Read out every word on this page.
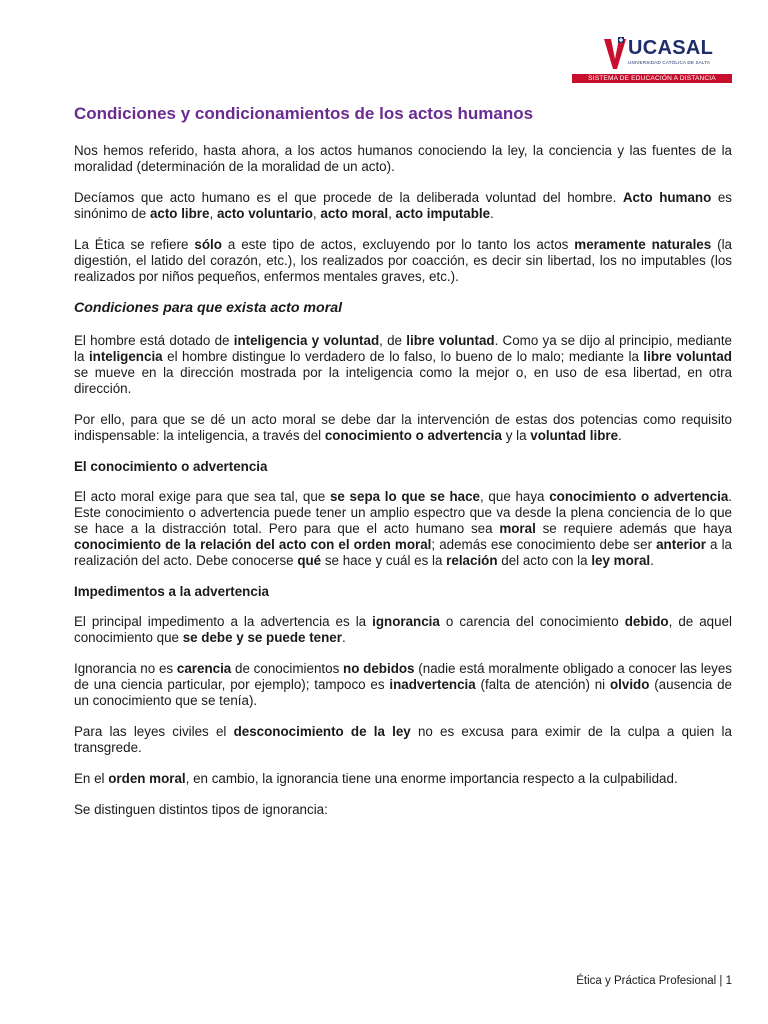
UCASAL
UNIVERSIDAD CATÓLICA DE SALTA
SISTEMA DE EDUCACIÓN A DISTANCIA
Condiciones y condicionamientos de los actos humanos

Nos hemos referido, hasta ahora, a los actos humanos conociendo la ley, la conciencia y las fuentes de la moralidad (determinación de la moralidad de un acto).

Decíamos que acto humano es el que procede de la deliberada voluntad del hombre. Acto humano es sinónimo de acto libre, acto voluntario, acto moral, acto imputable.

La Ética se refiere sólo a este tipo de actos, excluyendo por lo tanto los actos meramente naturales (la digestión, el latido del corazón, etc.), los realizados por coacción, es decir sin libertad, los no imputables (los realizados por niños pequeños, enfermos mentales graves, etc.).

Condiciones para que exista acto moral

El hombre está dotado de inteligencia y voluntad, de libre voluntad. Como ya se dijo al principio, mediante la inteligencia el hombre distingue lo verdadero de lo falso, lo bueno de lo malo; mediante la libre voluntad se mueve en la dirección mostrada por la inteligencia como la mejor o, en uso de esa libertad, en otra dirección.

Por ello, para que se dé un acto moral se debe dar la intervención de estas dos potencias como requisito indispensable: la inteligencia, a través del conocimiento o advertencia y la voluntad libre.

El conocimiento o advertencia

El acto moral exige para que sea tal, que se sepa lo que se hace, que haya conocimiento o advertencia. Este conocimiento o advertencia puede tener un amplio espectro que va desde la plena conciencia de lo que se hace a la distracción total. Pero para que el acto humano sea moral se requiere además que haya conocimiento de la relación del acto con el orden moral; además ese conocimiento debe ser anterior a la realización del acto. Debe conocerse qué se hace y cuál es la relación del acto con la ley moral.

Impedimentos a la advertencia

El principal impedimento a la advertencia es la ignorancia o carencia del conocimiento debido, de aquel conocimiento que se debe y se puede tener.

Ignorancia no es carencia de conocimientos no debidos (nadie está moralmente obligado a conocer las leyes de una ciencia particular, por ejemplo); tampoco es inadvertencia (falta de atención) ni olvido (ausencia de un conocimiento que se tenía).

Para las leyes civiles el desconocimiento de la ley no es excusa para eximir de la culpa a quien la transgrede.

En el orden moral, en cambio, la ignorancia tiene una enorme importancia respecto a la culpabilidad.

Se distinguen distintos tipos de ignorancia:

Ética y Práctica Profesional | 1
